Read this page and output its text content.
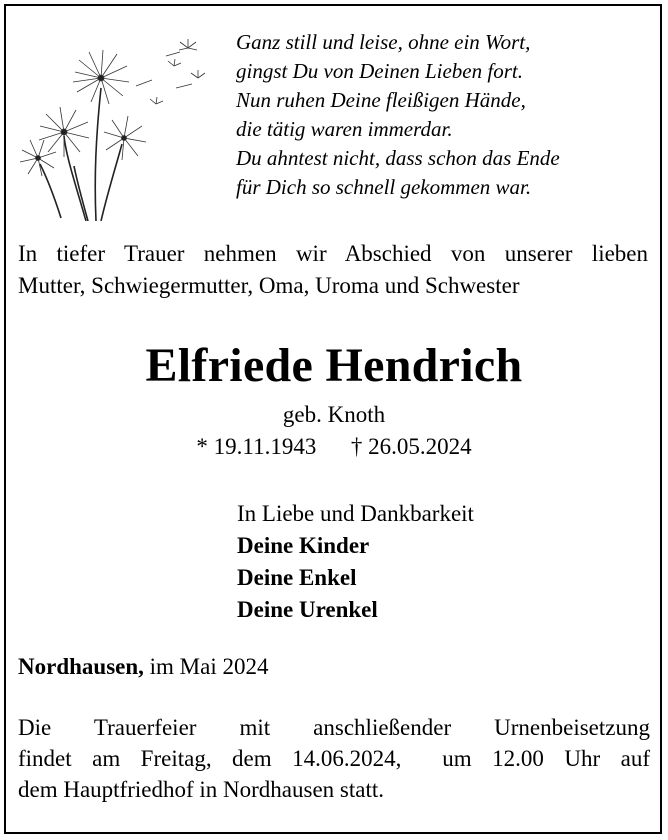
Ganz still und leise, ohne ein Wort,
gingst Du von Deinen Lieben fort.
Nun ruhen Deine fleißigen Hände,
die tätig waren immerdar.
Du ahntest nicht, dass schon das Ende
für Dich so schnell gekommen war.
In tiefer Trauer nehmen wir Abschied von unserer lieben
Mutter, Schwiegermutter, Oma, Uroma und Schwester
Elfriede Hendrich
geb. Knoth
* 19.11.1943 † 26.05.2024
In Liebe und Dankbarkeit
Deine Kinder
Deine Enkel
Deine Urenkel
Nordhausen, im Mai 2024
Die Trauerfeier mit anschließender Urnenbeisetzung
findet am Freitag, dem 14.06.2024,  um 12.00 Uhr auf
dem Hauptfriedhof in Nordhausen statt.
